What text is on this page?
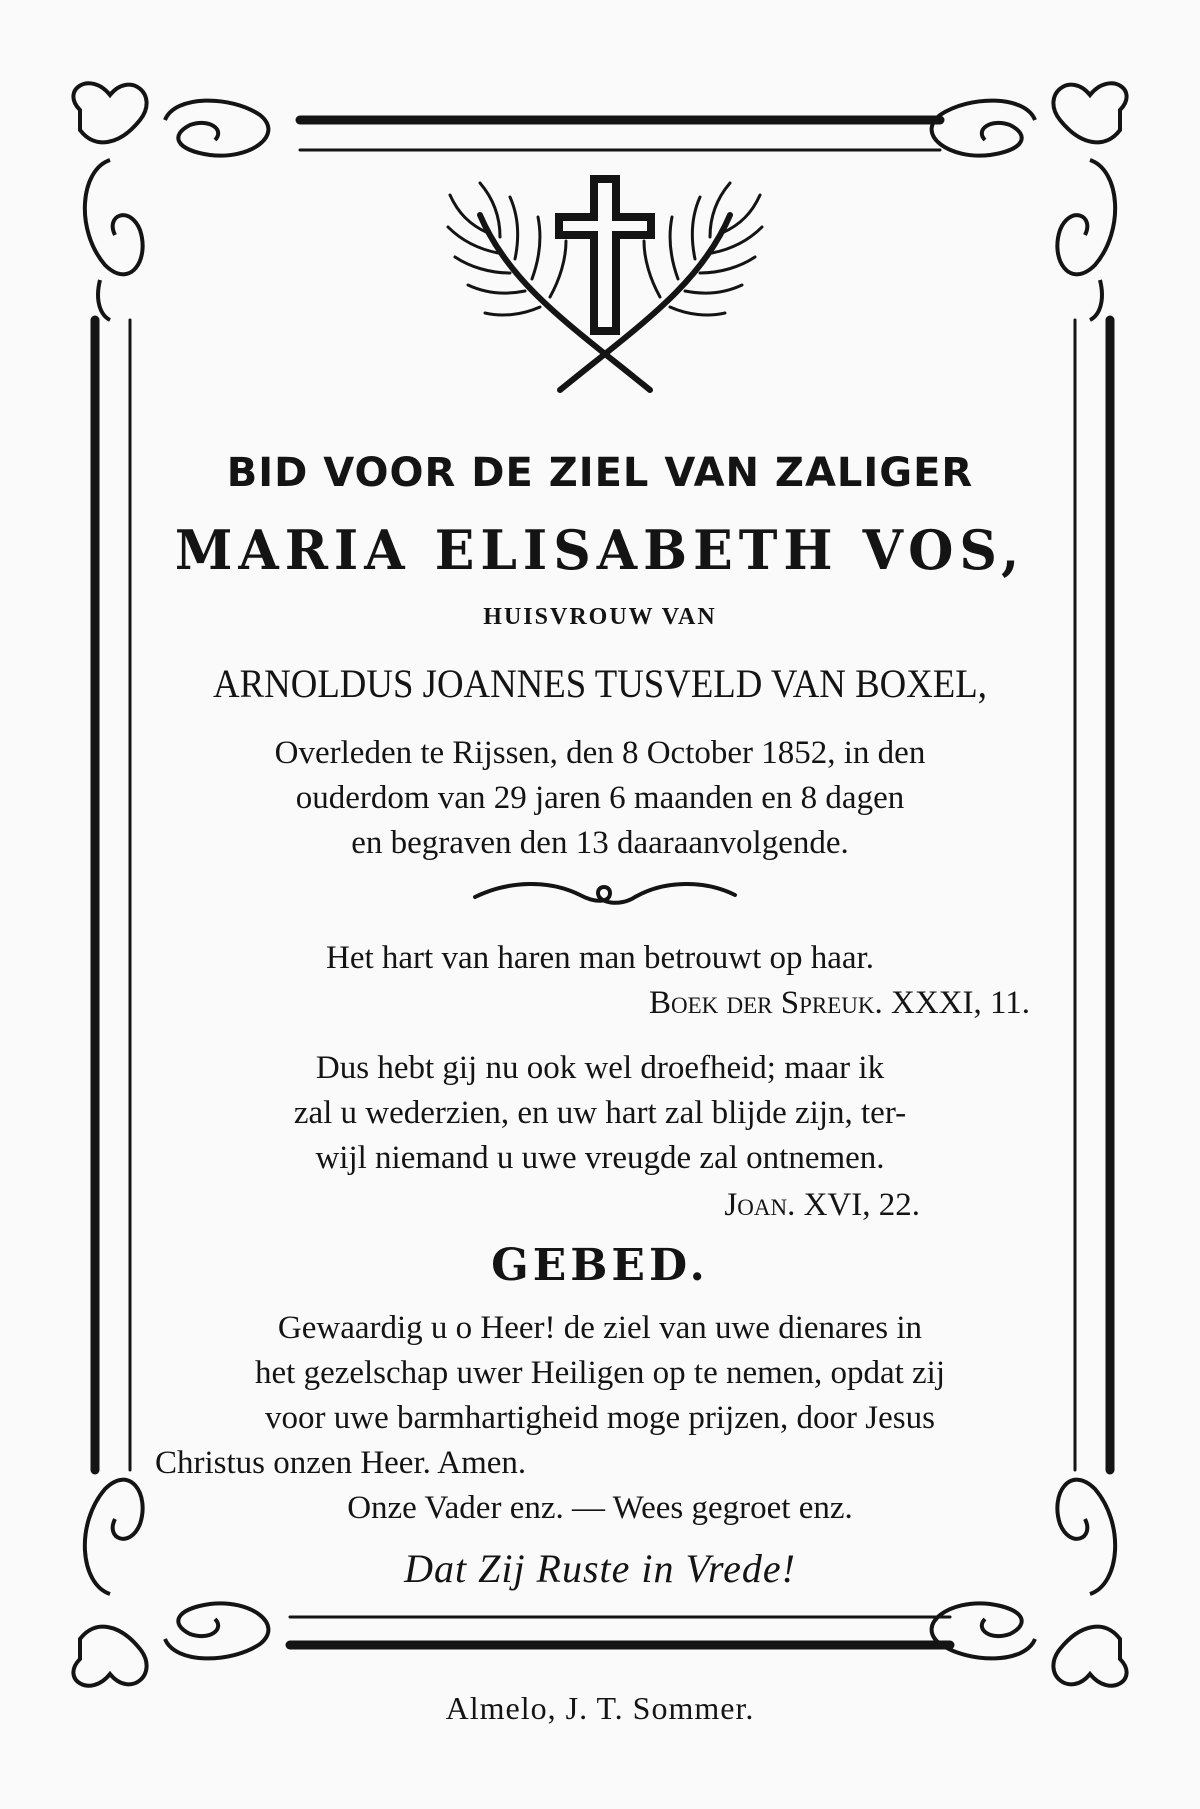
BID VOOR DE ZIEL VAN ZALIGER
MARIA ELISABETH VOS,
HUISVROUW VAN
ARNOLDUS JOANNES TUSVELD VAN BOXEL,
Overleden te Rijssen, den 8 October 1852, in den
ouderdom van 29 jaren 6 maanden en 8 dagen
en begraven den 13 daaraanvolgende.
Het hart van haren man betrouwt op haar.
Boek der Spreuk. XXXI, 11.
Dus hebt gij nu ook wel droefheid; maar ik
zal u wederzien, en uw hart zal blijde zijn, ter-
wijl niemand u uwe vreugde zal ontnemen.
Joan. XVI, 22.
GEBED.
Gewaardig u o Heer! de ziel van uwe dienares in
het gezelschap uwer Heiligen op te nemen, opdat zij
voor uwe barmhartigheid moge prijzen, door Jesus
Christus onzen Heer. Amen.
Onze Vader enz. — Wees gegroet enz.
Dat Zij Ruste in Vrede!
Almelo, J. T. Sommer.
